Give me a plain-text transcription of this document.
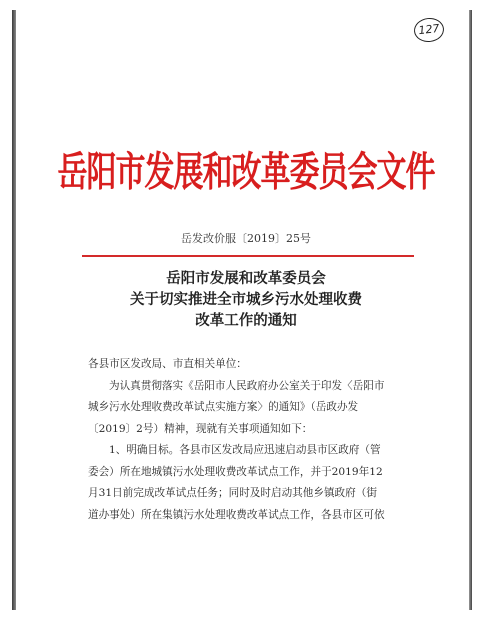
127
岳阳市发展和改革委员会文件
岳发改价服〔2019〕25号
岳阳市发展和改革委员会
关于切实推进全市城乡污水处理收费
改革工作的通知
各县市区发改局、市直相关单位：
为认真贯彻落实《岳阳市人民政府办公室关于印发〈岳阳市
城乡污水处理收费改革试点实施方案〉的通知》（岳政办发
〔2019〕2号）精神，现就有关事项通知如下：
1、明确目标。各县市区发改局应迅速启动县市区政府（管
委会）所在地城镇污水处理收费改革试点工作，并于2019年12
月31日前完成改革试点任务；同时及时启动其他乡镇政府（街
道办事处）所在集镇污水处理收费改革试点工作，各县市区可依
